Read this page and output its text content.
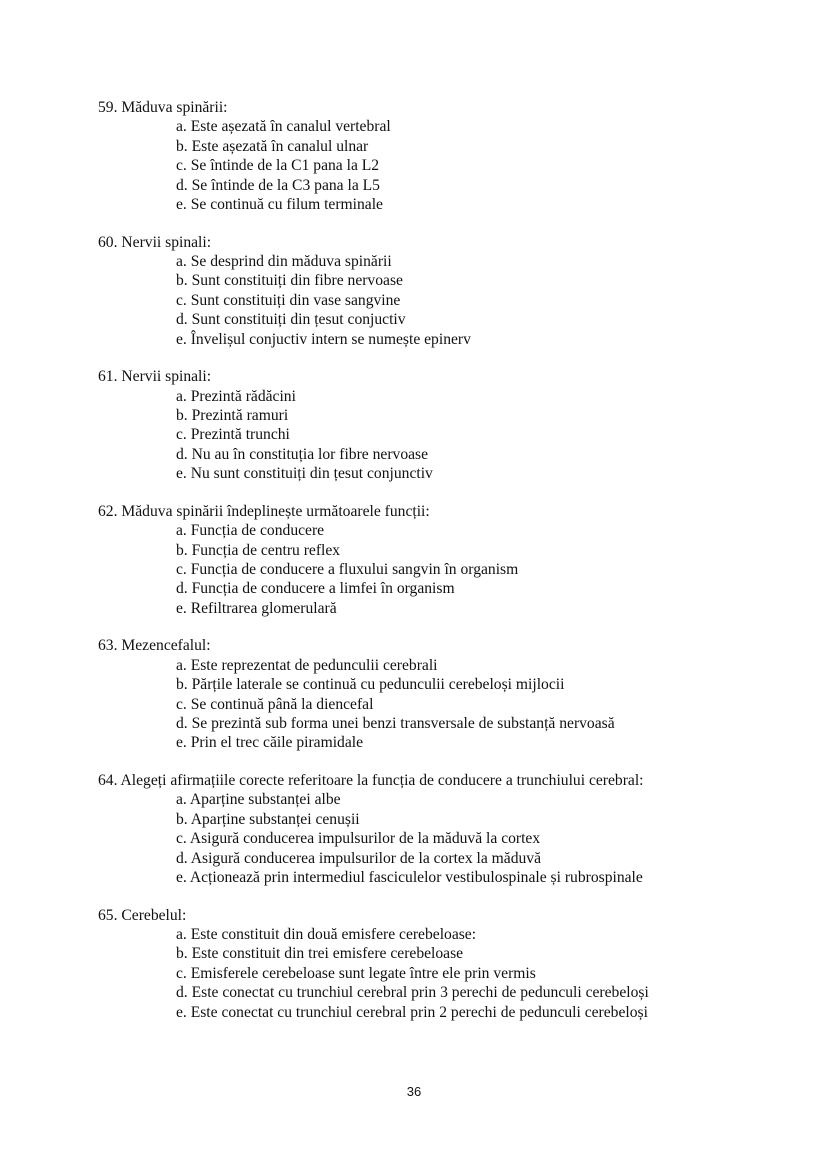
59. Măduva spinării:
a. Este așezată în canalul vertebral
b. Este așezată în canalul ulnar
c. Se întinde de la C1 pana la L2
d. Se întinde de la C3 pana la L5
e. Se continuă cu filum terminale
60. Nervii spinali:
a. Se desprind din măduva spinării
b. Sunt constituiți din fibre nervoase
c. Sunt constituiți din vase sangvine
d. Sunt constituiți din țesut conjuctiv
e. Învelișul conjuctiv intern se numește epinerv
61. Nervii spinali:
a. Prezintă rădăcini
b. Prezintă ramuri
c. Prezintă trunchi
d. Nu au în constituția lor fibre nervoase
e. Nu sunt constituiți din țesut conjunctiv
62. Măduva spinării îndeplinește următoarele funcții:
a. Funcția de conducere
b. Funcția de centru reflex
c. Funcția de conducere a fluxului sangvin în organism
d. Funcția de conducere a limfei în organism
e. Refiltrarea glomerulară
63. Mezencefalul:
a. Este reprezentat de pedunculii cerebrali
b. Părțile laterale se continuă cu pedunculii cerebeloși mijlocii
c. Se continuă până la diencefal
d. Se prezintă sub forma unei benzi transversale de substanță nervoasă
e. Prin el trec căile piramidale
64. Alegeți afirmațiile corecte referitoare la funcția de conducere a trunchiului cerebral:
a. Aparține substanței albe
b. Aparține substanței cenușii
c. Asigură conducerea impulsurilor de la măduvă la cortex
d. Asigură conducerea impulsurilor de la cortex la măduvă
e. Acționează prin intermediul fasciculelor vestibulospinale și rubrospinale
65. Cerebelul:
a. Este constituit din două emisfere cerebeloase:
b. Este constituit din trei emisfere cerebeloase
c. Emisferele cerebeloase sunt legate între ele prin vermis
d. Este conectat cu trunchiul cerebral prin 3 perechi de pedunculi cerebeloși
e. Este conectat cu trunchiul cerebral prin 2 perechi de pedunculi cerebeloși
36
